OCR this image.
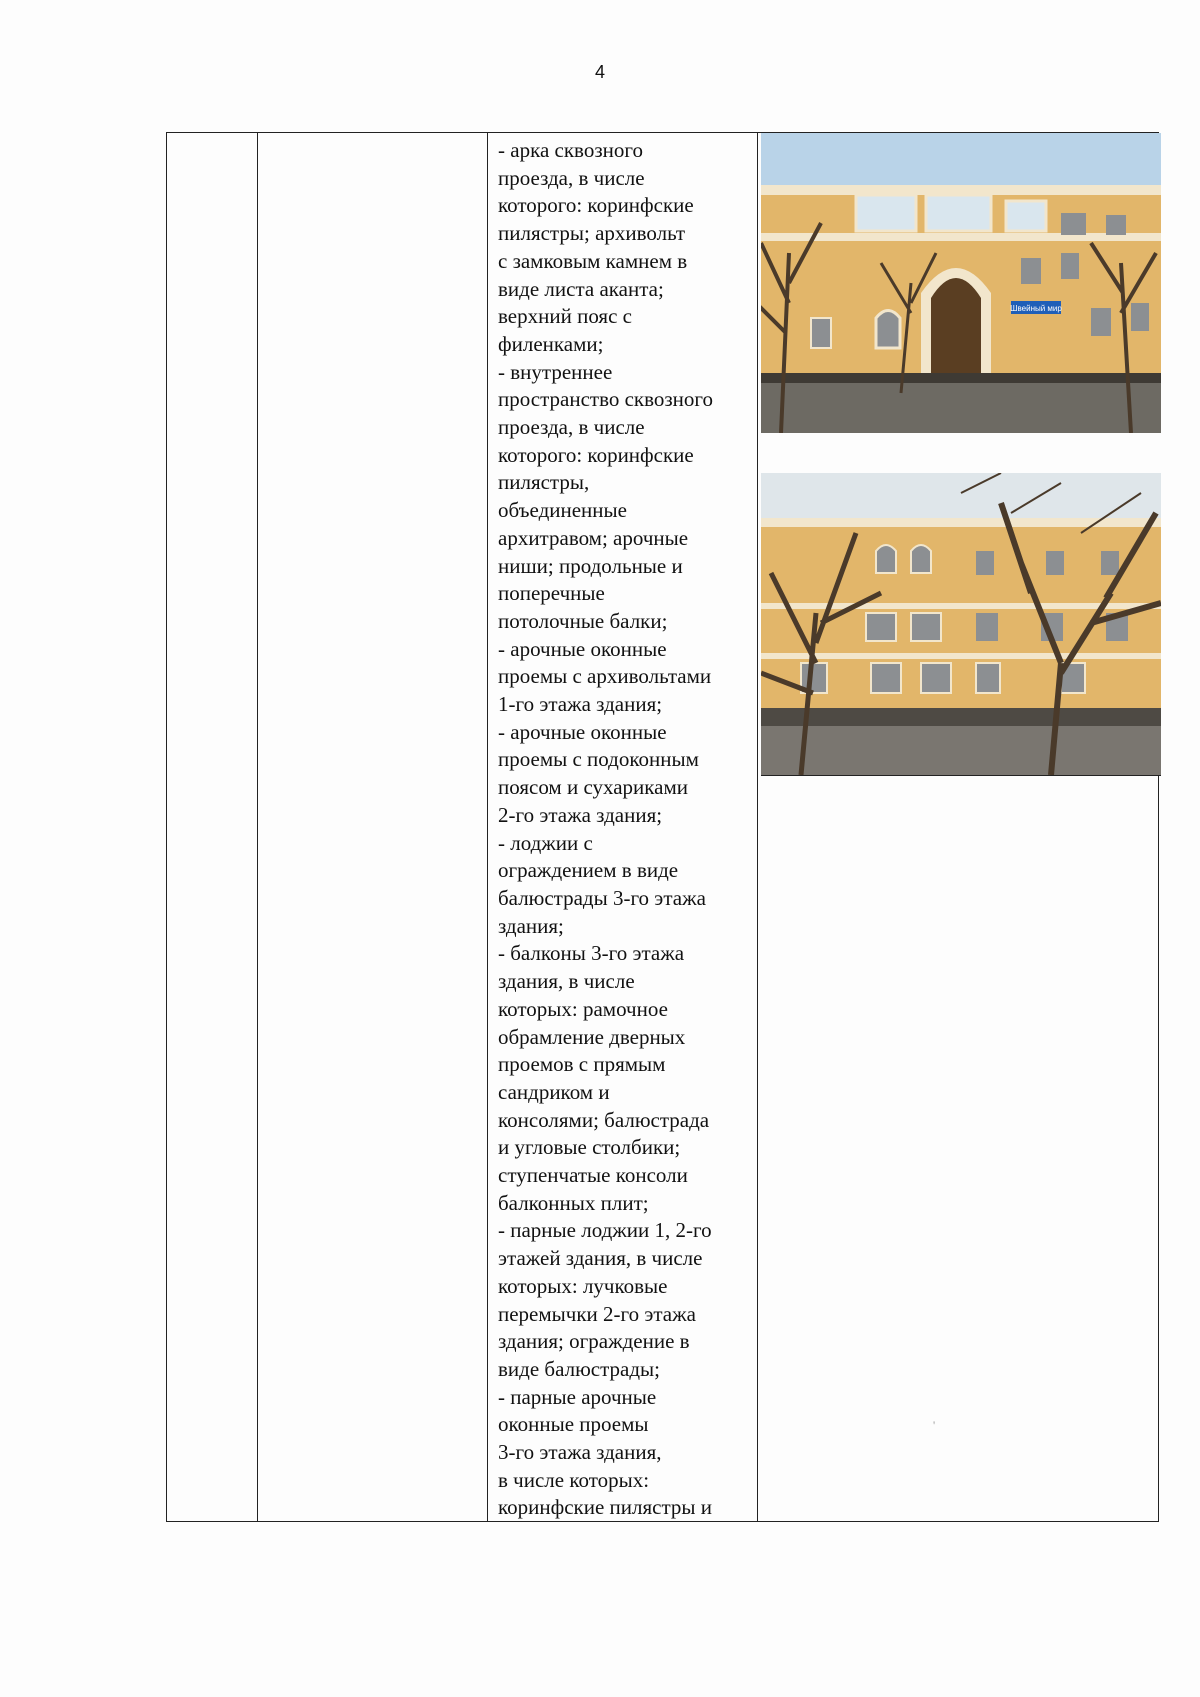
4
- арка сквозного
проезда, в числе
которого: коринфские
пилястры; архивольт
с замковым камнем в
виде листа аканта;
верхний пояс с
филенками;
- внутреннее
пространство сквозного
проезда, в числе
которого: коринфские
пилястры,
объединенные
архитравом; арочные
ниши; продольные и
поперечные
потолочные балки;
- арочные оконные
проемы с архивольтами
1-го этажа здания;
- арочные оконные
проемы с подоконным
поясом и сухариками
2-го этажа здания;
- лоджии с
ограждением в виде
балюстрады 3-го этажа
здания;
- балконы 3-го этажа
здания, в числе
которых: рамочное
обрамление дверных
проемов с прямым
сандриком и
консолями; балюстрада
и угловые столбики;
ступенчатые консоли
балконных плит;
- парные лоджии 1, 2-го
этажей здания, в числе
которых: лучковые
перемычки 2-го этажа
здания; ограждение в
виде балюстрады;
- парные арочные
оконные проемы
3-го этажа здания,
в числе которых:
коринфские пилястры и
Швейный мир
'
